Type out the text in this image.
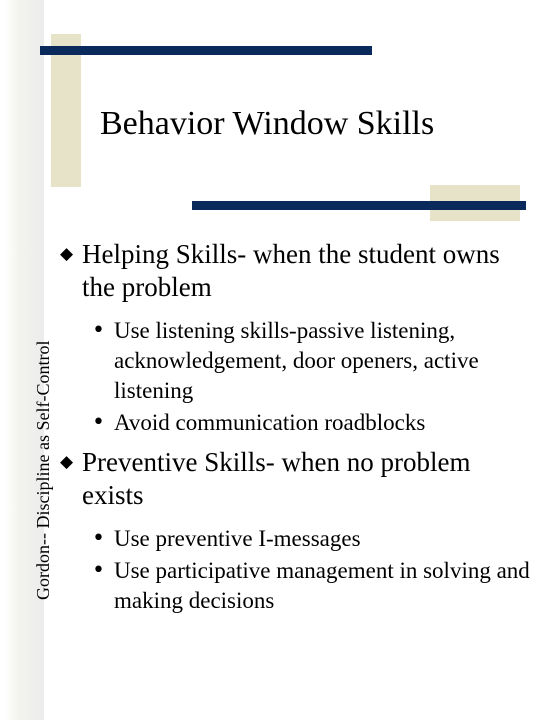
Gordon-- Discipline as Self-Control
Behavior Window Skills
◆ Helping Skills- when the student owns the problem
• Use listening skills-passive listening, acknowledgement, door openers, active listening
• Avoid communication roadblocks
◆ Preventive Skills- when no problem exists
• Use preventive I-messages
• Use participative management in solving and making decisions
